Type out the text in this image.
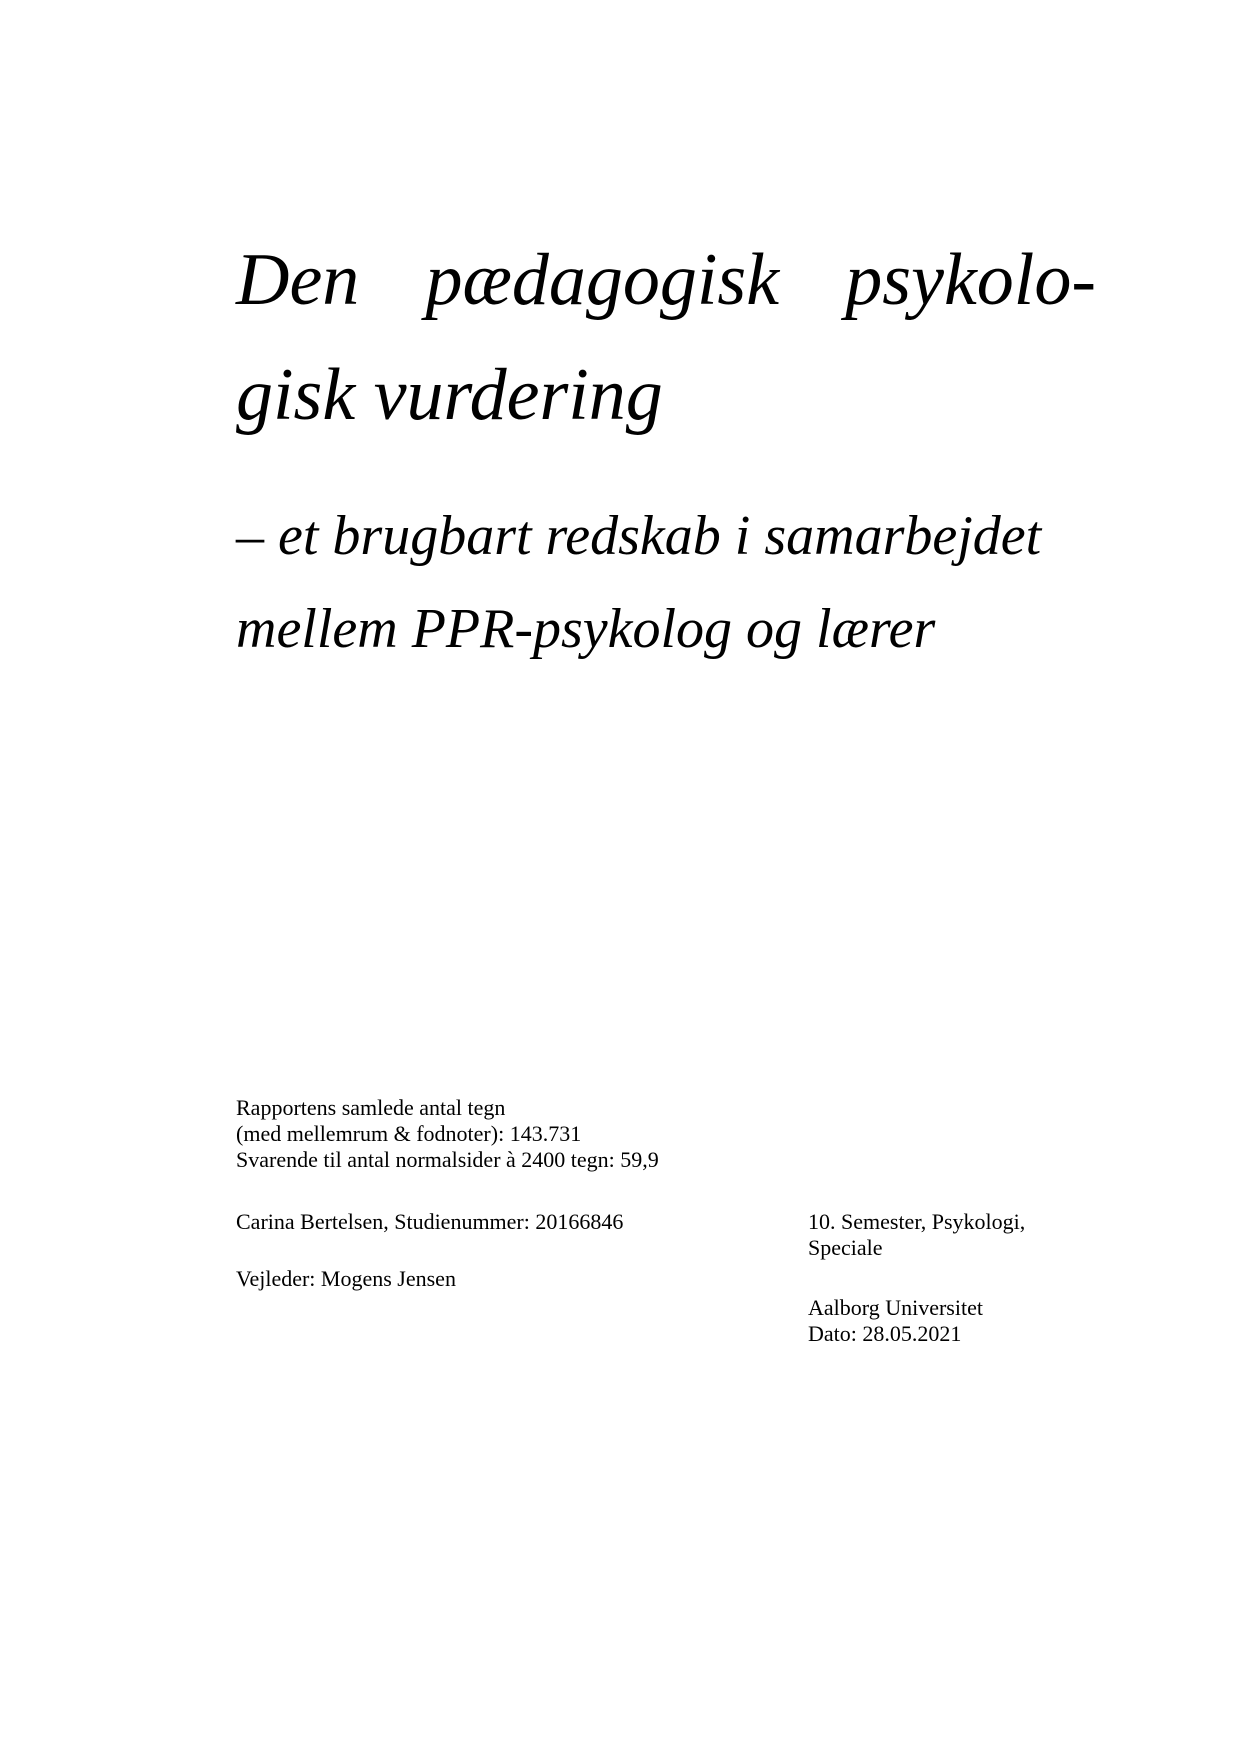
Den pædagogisk psykolo-
gisk vurdering
– et brugbart redskab i samarbejdet
mellem PPR-psykolog og lærer

Rapportens samlede antal tegn

(med mellemrum & fodnoter): 143.731

Svarende til antal normalsider à 2400 tegn: 59,9

Carina Bertelsen, Studienummer: 20166846

Vejleder: Mogens Jensen

10. Semester, Psykologi,

Speciale

Aalborg Universitet

Dato: 28.05.2021
